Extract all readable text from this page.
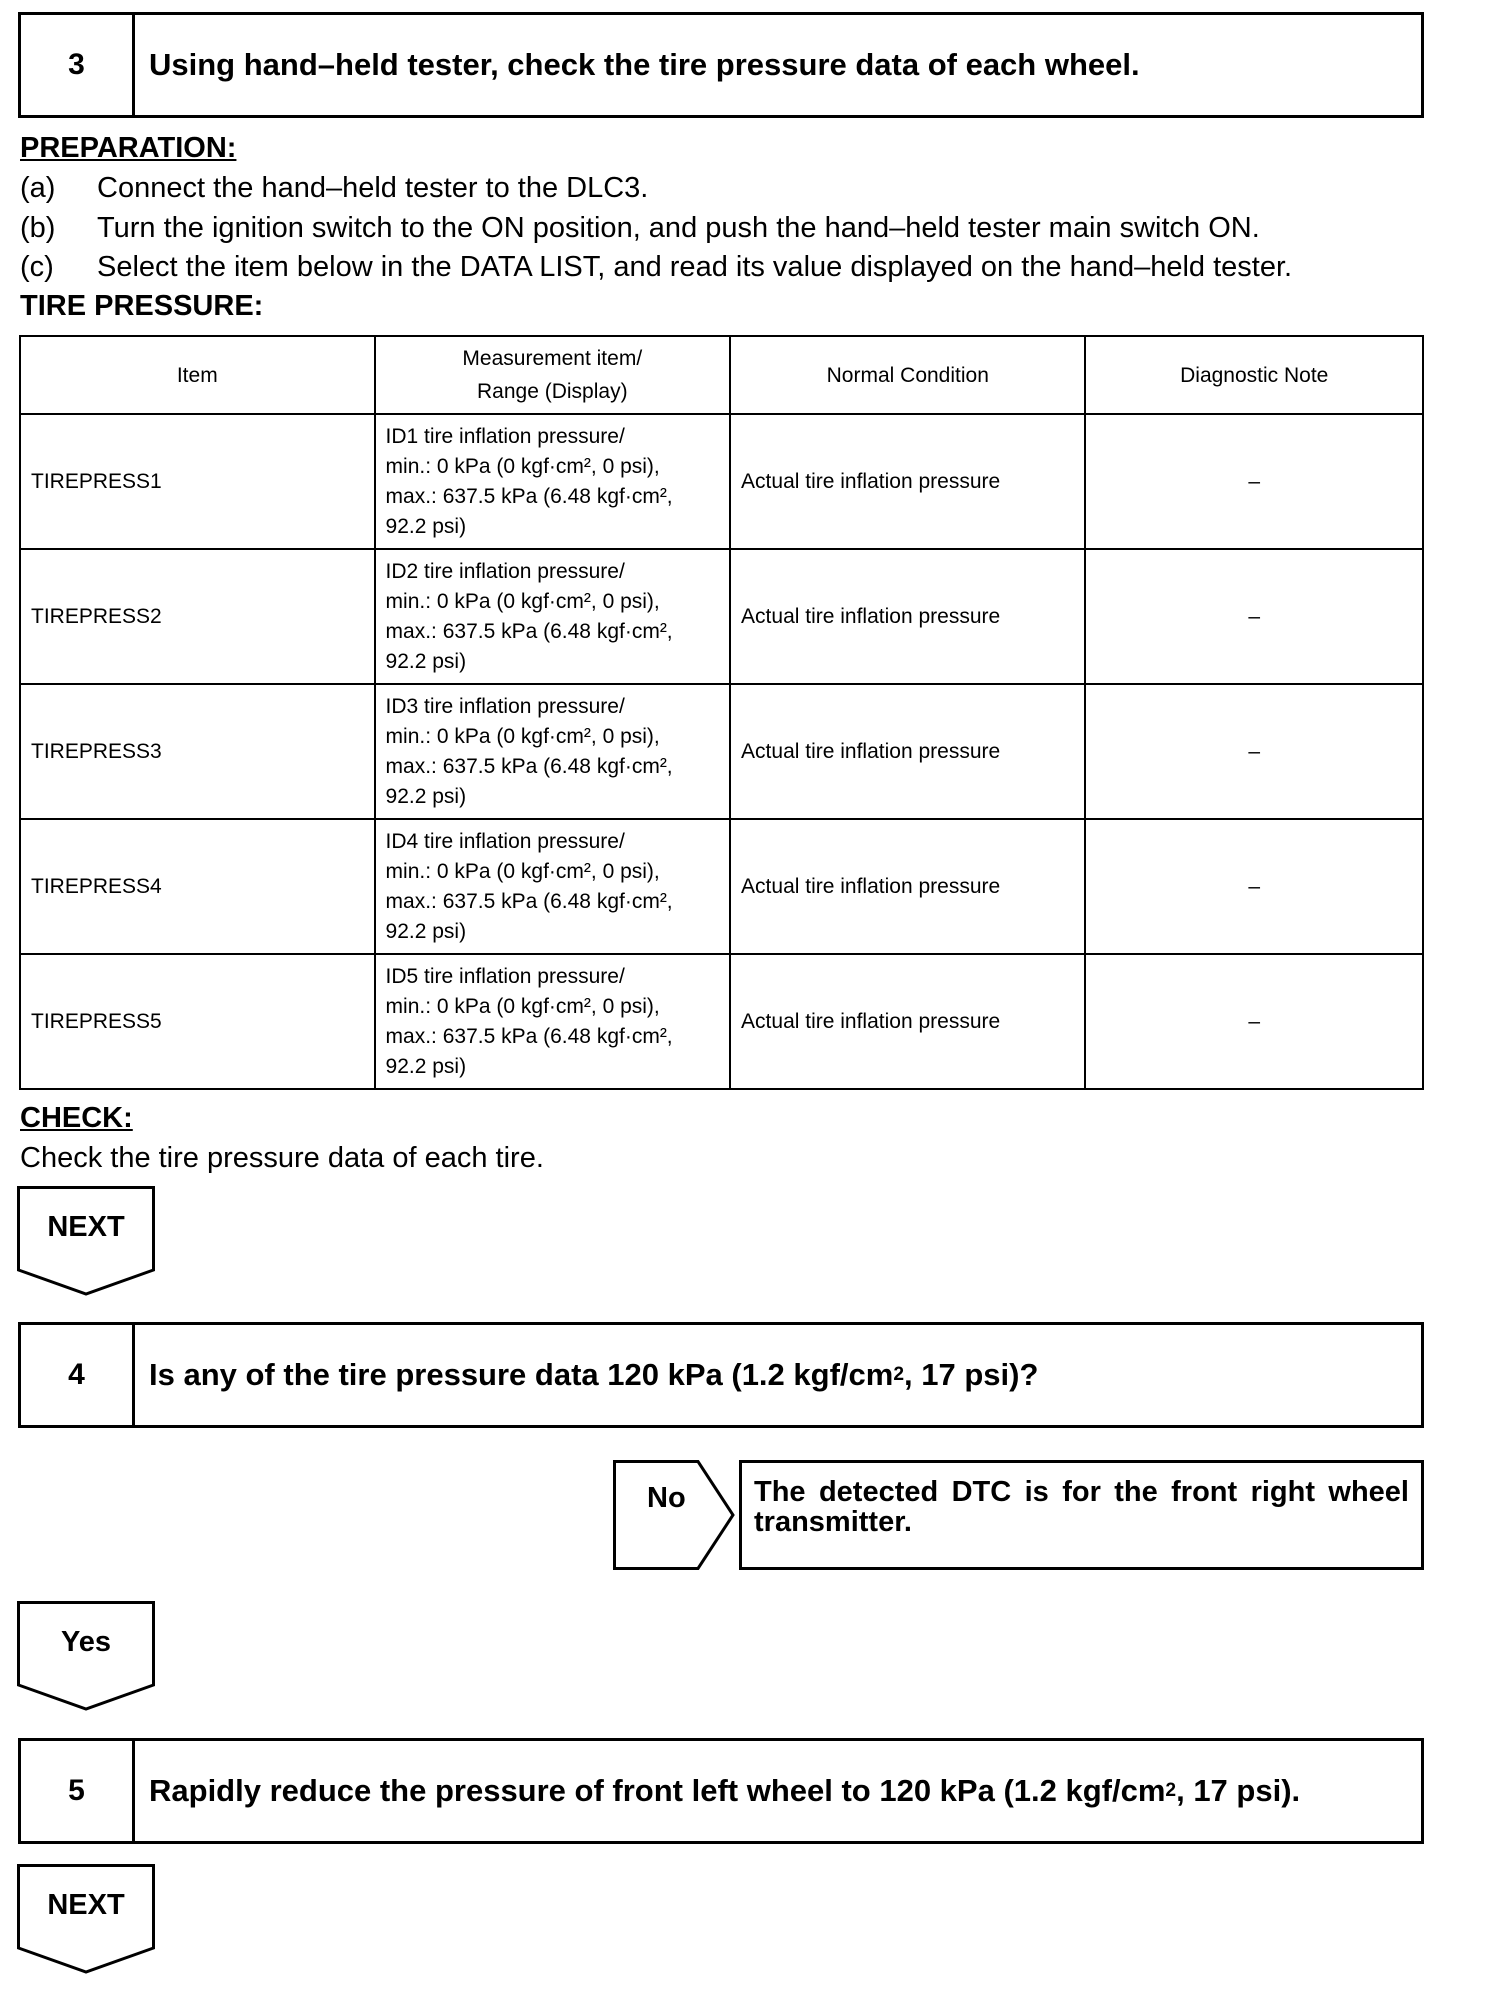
3	Using hand–held tester, check the tire pressure data of each wheel.
PREPARATION:
(a) Connect the hand–held tester to the DLC3.
(b) Turn the ignition switch to the ON position, and push the hand–held tester main switch ON.
(c) Select the item below in the DATA LIST, and read its value displayed on the hand–held tester.
TIRE PRESSURE:
Item	Measurement item/
Range (Display)	Normal Condition	Diagnostic Note
TIREPRESS1	ID1 tire inflation pressure/
min.: 0 kPa (0 kgf·cm², 0 psi),
max.: 637.5 kPa (6.48 kgf·cm²,
92.2 psi)	Actual tire inflation pressure	–
TIREPRESS2	ID2 tire inflation pressure/
min.: 0 kPa (0 kgf·cm², 0 psi),
max.: 637.5 kPa (6.48 kgf·cm²,
92.2 psi)	Actual tire inflation pressure	–
TIREPRESS3	ID3 tire inflation pressure/
min.: 0 kPa (0 kgf·cm², 0 psi),
max.: 637.5 kPa (6.48 kgf·cm²,
92.2 psi)	Actual tire inflation pressure	–
TIREPRESS4	ID4 tire inflation pressure/
min.: 0 kPa (0 kgf·cm², 0 psi),
max.: 637.5 kPa (6.48 kgf·cm²,
92.2 psi)	Actual tire inflation pressure	–
TIREPRESS5	ID5 tire inflation pressure/
min.: 0 kPa (0 kgf·cm², 0 psi),
max.: 637.5 kPa (6.48 kgf·cm²,
92.2 psi)	Actual tire inflation pressure	–
CHECK:
Check the tire pressure data of each tire.
NEXT
4	Is any of the tire pressure data 120 kPa (1.2 kgf/cm 2 , 17 psi)?
No	The detected DTC is for the front right wheel transmitter.
Yes
5	Rapidly reduce the pressure of front left wheel to 120 kPa (1.2 kgf/cm 2 , 17 psi).
NEXT
